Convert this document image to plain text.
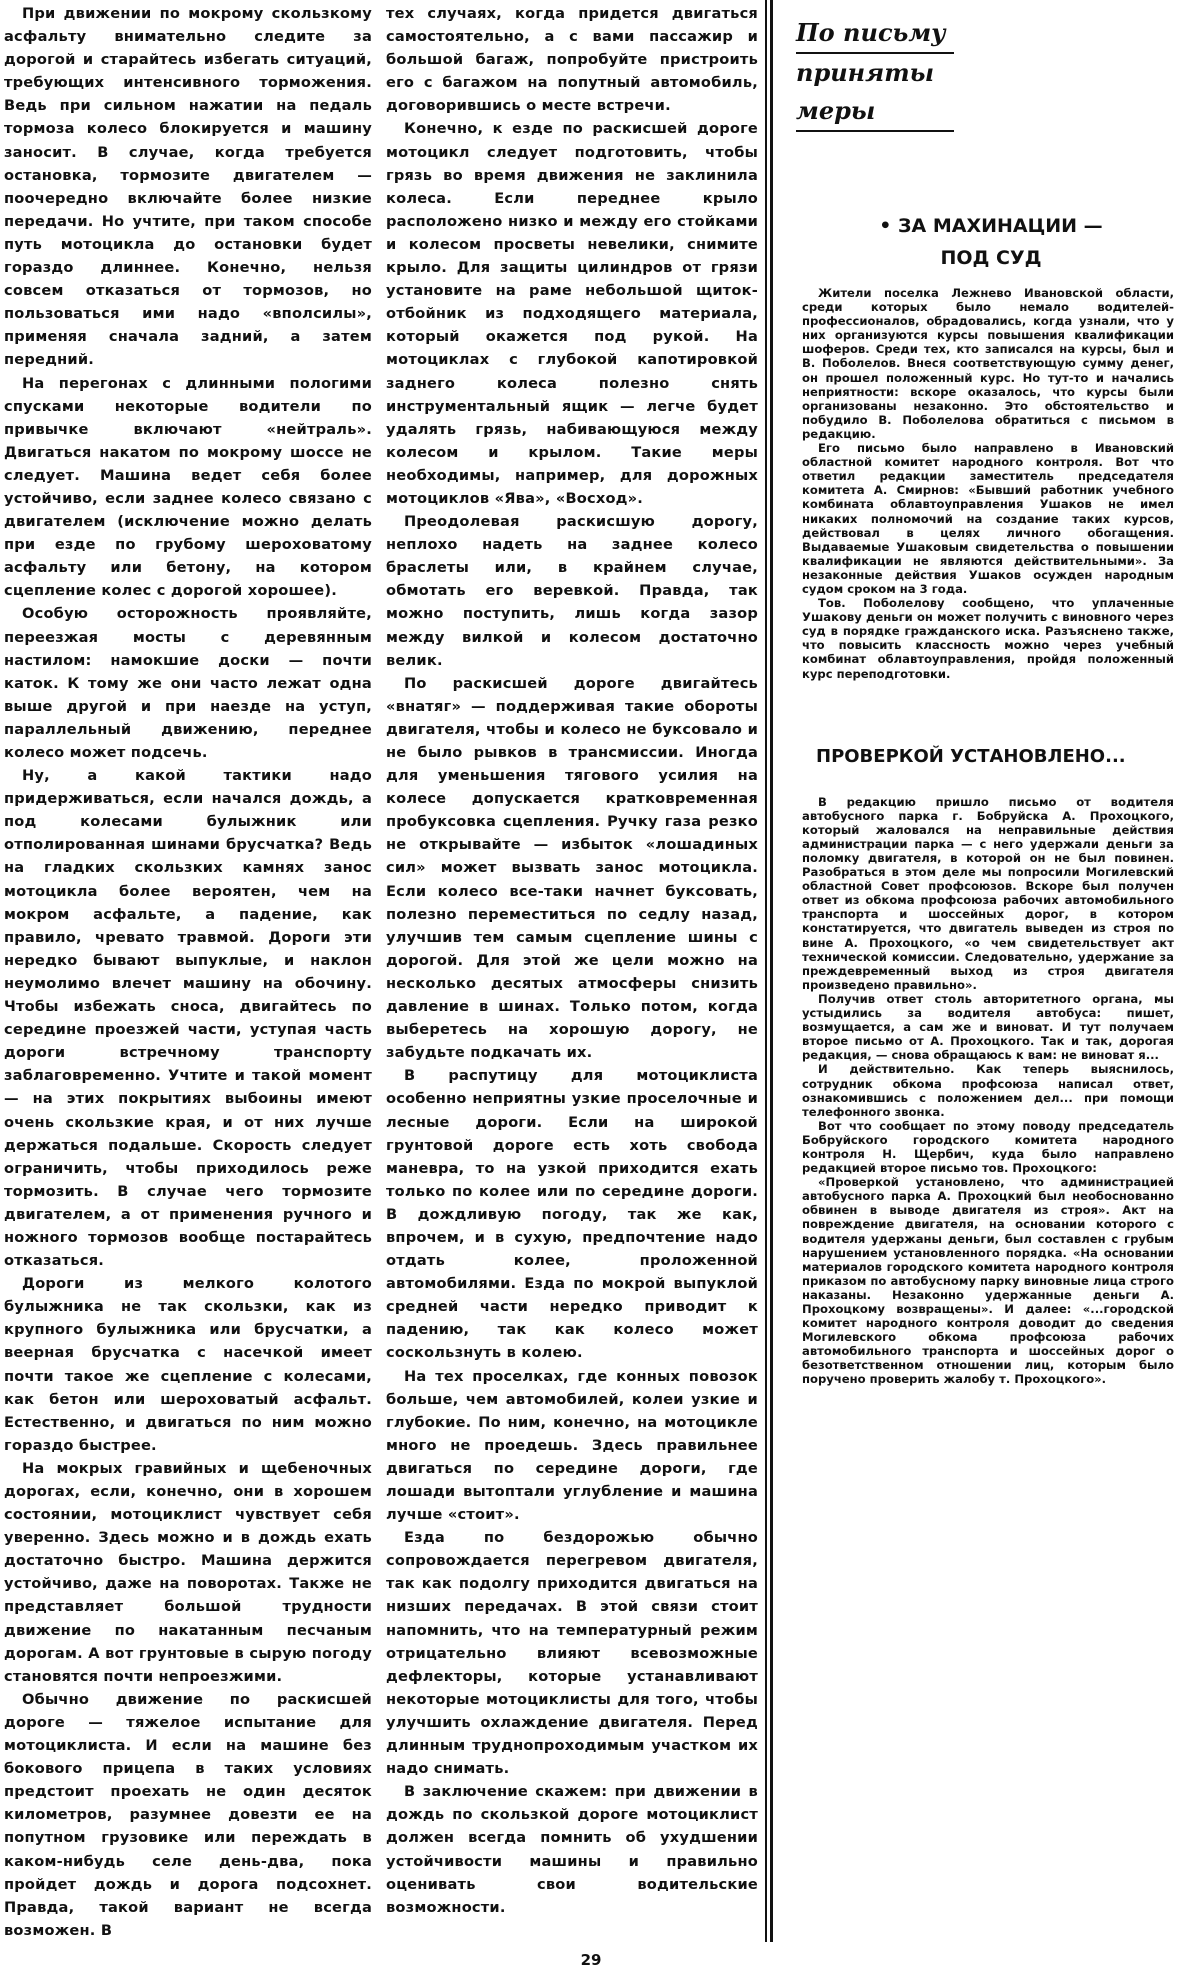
При движении по мокрому скользкому асфальту внимательно следите за дорогой и старайтесь избегать ситуаций, требующих интенсивного торможения. Ведь при сильном нажатии на педаль тормоза колесо блокируется и машину заносит. В случае, когда требуется остановка, тормозите двигателем — поочередно включайте более низкие передачи. Но учтите, при таком способе путь мотоцикла до остановки будет гораздо длиннее. Конечно, нельзя совсем отказаться от тормозов, но пользоваться ими надо «вполсилы», применяя сначала задний, а затем передний.

На перегонах с длинными пологими спусками некоторые водители по привычке включают «нейтраль». Двигаться накатом по мокрому шоссе не следует. Машина ведет себя более устойчиво, если заднее колесо связано с двигателем (исключение можно делать при езде по грубому шероховатому асфальту или бетону, на котором сцепление колес с дорогой хорошее).

Особую осторожность проявляйте, переезжая мосты с деревянным настилом: намокшие доски — почти каток. К тому же они часто лежат одна выше другой и при наезде на уступ, параллельный движению, переднее колесо может подсечь.

Ну, а какой тактики надо придерживаться, если начался дождь, а под колесами булыжник или отполированная шинами брусчатка? Ведь на гладких скользких камнях занос мотоцикла более вероятен, чем на мокром асфальте, а падение, как правило, чревато травмой. Дороги эти нередко бывают выпуклые, и наклон неумолимо влечет машину на обочину. Чтобы избежать сноса, двигайтесь по середине проезжей части, уступая часть дороги встречному транспорту заблаговременно. Учтите и такой момент — на этих покрытиях выбоины имеют очень скользкие края, и от них лучше держаться подальше. Скорость следует ограничить, чтобы приходилось реже тормозить. В случае чего тормозите двигателем, а от применения ручного и ножного тормозов вообще постарайтесь отказаться.

Дороги из мелкого колотого булыжника не так скользки, как из крупного булыжника или брусчатки, а веерная брусчатка с насечкой имеет почти такое же сцепление с колесами, как бетон или шероховатый асфальт. Естественно, и двигаться по ним можно гораздо быстрее.

На мокрых гравийных и щебеночных дорогах, если, конечно, они в хорошем состоянии, мотоциклист чувствует себя уверенно. Здесь можно и в дождь ехать достаточно быстро. Машина держится устойчиво, даже на поворотах. Также не представляет большой трудности движение по накатанным песчаным дорогам. А вот грунтовые в сырую погоду становятся почти непроезжими.

Обычно движение по раскисшей дороге — тяжелое испытание для мотоциклиста. И если на машине без бокового прицепа в таких условиях предстоит проехать не один десяток километров, разумнее довезти ее на попутном грузовике или переждать в каком-нибудь селе день-два, пока пройдет дождь и дорога подсохнет. Правда, такой вариант не всегда возможен. В

тех случаях, когда придется двигаться самостоятельно, а с вами пассажир и большой багаж, попробуйте пристроить его с багажом на попутный автомобиль, договорившись о месте встречи.

Конечно, к езде по раскисшей дороге мотоцикл следует подготовить, чтобы грязь во время движения не заклинила колеса. Если переднее крыло расположено низко и между его стойками и колесом просветы невелики, снимите крыло. Для защиты цилиндров от грязи установите на раме небольшой щиток-отбойник из подходящего материала, который окажется под рукой. На мотоциклах с глубокой капотировкой заднего колеса полезно снять инструментальный ящик — легче будет удалять грязь, набивающуюся между колесом и крылом. Такие меры необходимы, например, для дорожных мотоциклов «Ява», «Восход».

Преодолевая раскисшую дорогу, неплохо надеть на заднее колесо браслеты или, в крайнем случае, обмотать его веревкой. Правда, так можно поступить, лишь когда зазор между вилкой и колесом достаточно велик.

По раскисшей дороге двигайтесь «внатяг» — поддерживая такие обороты двигателя, чтобы и колесо не буксовало и не было рывков в трансмиссии. Иногда для уменьшения тягового усилия на колесе допускается кратковременная пробуксовка сцепления. Ручку газа резко не открывайте — избыток «лошадиных сил» может вызвать занос мотоцикла. Если колесо все-таки начнет буксовать, полезно переместиться по седлу назад, улучшив тем самым сцепление шины с дорогой. Для этой же цели можно на несколько десятых атмосферы снизить давление в шинах. Только потом, когда выберетесь на хорошую дорогу, не забудьте подкачать их.

В распутицу для мотоциклиста особенно неприятны узкие проселочные и лесные дороги. Если на широкой грунтовой дороге есть хоть свобода маневра, то на узкой приходится ехать только по колее или по середине дороги. В дождливую погоду, так же как, впрочем, и в сухую, предпочтение надо отдать колее, проложенной автомобилями. Езда по мокрой выпуклой средней части нередко приводит к падению, так как колесо может соскользнуть в колею.

На тех проселках, где конных повозок больше, чем автомобилей, колеи узкие и глубокие. По ним, конечно, на мотоцикле много не проедешь. Здесь правильнее двигаться по середине дороги, где лошади вытоптали углубление и машина лучше «стоит».

Езда по бездорожью обычно сопровождается перегревом двигателя, так как подолгу приходится двигаться на низших передачах. В этой связи стоит напомнить, что на температурный режим отрицательно влияют всевозможные дефлекторы, которые устанавливают некоторые мотоциклисты для того, чтобы улучшить охлаждение двигателя. Перед длинным труднопроходимым участком их надо снимать.

В заключение скажем: при движении в дождь по скользкой дороге мотоциклист должен всегда помнить об ухудшении устойчивости машины и правильно оценивать свои водительские возможности.

По письму
приняты меры
• ЗА МАХИНАЦИИ —
ПОД СУД

Жители поселка Лежнево Ивановской области, среди которых было немало водителей-профессионалов, обрадовались, когда узнали, что у них организуются курсы повышения квалификации шоферов. Среди тех, кто записался на курсы, был и В. Поболелов. Внеся соответствующую сумму денег, он прошел положенный курс. Но тут-то и начались неприятности: вскоре оказалось, что курсы были организованы незаконно. Это обстоятельство и побудило В. Поболелова обратиться с письмом в редакцию.

Его письмо было направлено в Ивановский областной комитет народного контроля. Вот что ответил редакции заместитель председателя комитета А. Смирнов: «Бывший работник учебного комбината облавтоуправления Ушаков не имел никаких полномочий на создание таких курсов, действовал в целях личного обогащения. Выдаваемые Ушаковым свидетельства о повышении квалификации не являются действительными». За незаконные действия Ушаков осужден народным судом сроком на 3 года.

Тов. Поболелову сообщено, что уплаченные Ушакову деньги он может получить с виновного через суд в порядке гражданского иска. Разъяснено также, что повысить классность можно через учебный комбинат облавтоуправления, пройдя положенный курс переподготовки.

ПРОВЕРКОЙ УСТАНОВЛЕНО...

В редакцию пришло письмо от водителя автобусного парка г. Бобруйска А. Прохоцкого, который жаловался на неправильные действия администрации парка — с него удержали деньги за поломку двигателя, в которой он не был повинен. Разобраться в этом деле мы попросили Могилевский областной Совет профсоюзов. Вскоре был получен ответ из обкома профсоюза рабочих автомобильного транспорта и шоссейных дорог, в котором констатируется, что двигатель выведен из строя по вине А. Прохоцкого, «о чем свидетельствует акт технической комиссии. Следовательно, удержание за преждевременный выход из строя двигателя произведено правильно».

Получив ответ столь авторитетного органа, мы устыдились за водителя автобуса: пишет, возмущается, а сам же и виноват. И тут получаем второе письмо от А. Прохоцкого. Так и так, дорогая редакция, — снова обращаюсь к вам: не виноват я...

И действительно. Как теперь выяснилось, сотрудник обкома профсоюза написал ответ, ознакомившись с положением дел... при помощи телефонного звонка.

Вот что сообщает по этому поводу председатель Бобруйского городского комитета народного контроля Н. Щербич, куда было направлено редакцией второе письмо тов. Прохоцкого:

«Проверкой установлено, что администрацией автобусного парка А. Прохоцкий был необоснованно обвинен в выводе двигателя из строя». Акт на повреждение двигателя, на основании которого с водителя удержаны деньги, был составлен с грубым нарушением установленного порядка. «На основании материалов городского комитета народного контроля приказом по автобусному парку виновные лица строго наказаны. Незаконно удержанные деньги А. Прохоцкому возвращены». И далее: «...городской комитет народного контроля доводит до сведения Могилевского обкома профсоюза рабочих автомобильного транспорта и шоссейных дорог о безответственном отношении лиц, которым было поручено проверить жалобу т. Прохоцкого».

29
